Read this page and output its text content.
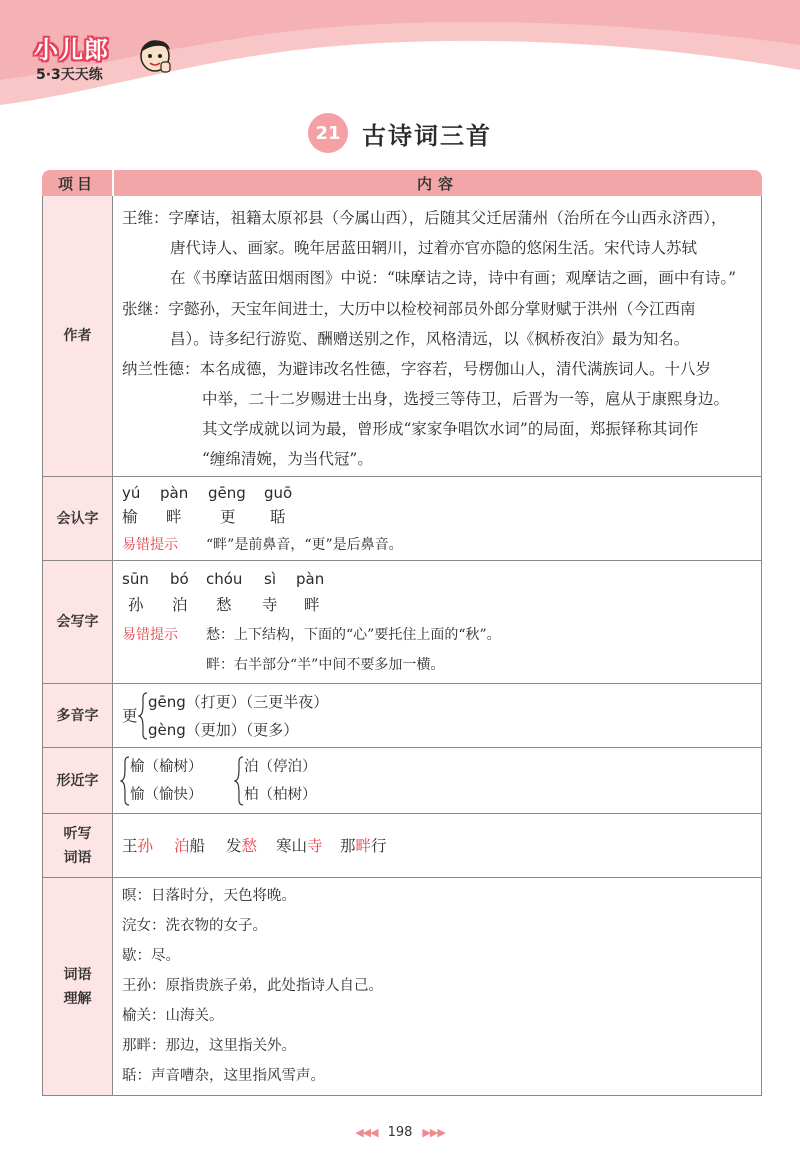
小儿郎
5·3天天练
21 古诗词三首
项目	内容
作者
王维：字摩诘，祖籍太原祁县（今属山西），后随其父迁居蒲州（治所在今山西永济西），
唐代诗人、画家。晚年居蓝田辋川，过着亦官亦隐的悠闲生活。宋代诗人苏轼
在《书摩诘蓝田烟雨图》中说：“味摩诘之诗，诗中有画；观摩诘之画，画中有诗。”
张继：字懿孙，天宝年间进士，大历中以检校祠部员外郎分掌财赋于洪州（今江西南
昌）。诗多纪行游览、酬赠送别之作，风格清远，以《枫桥夜泊》最为知名。
纳兰性德：本名成德，为避讳改名性德，字容若，号楞伽山人，清代满族词人。十八岁
中举，二十二岁赐进士出身，选授三等侍卫，后晋为一等，扈从于康熙身边。
其文学成就以词为最，曾形成“家家争唱饮水词”的局面，郑振铎称其词作
“缠绵清婉，为当代冠”。
会认字
yú pàn gēng guō
榆 畔 更 聒
易错提示 “畔”是前鼻音，“更”是后鼻音。
会写字
sūn bó chóu sì pàn
孙 泊 愁 寺 畔
易错提示 愁：上下结构，下面的“心”要托住上面的“秋”。
畔：右半部分“半”中间不要多加一横。
多音字	更
gēng（打更）（三更半夜）
gèng（更加）（更多）
形近字
榆（榆树）
愉（愉快）
泊（停泊）
柏（柏树）
听写
词语
王孙 泊船 发愁 寒山寺 那畔行
词语
理解
暝：日落时分，天色将晚。
浣女：洗衣物的女子。
歇：尽。
王孙：原指贵族子弟，此处指诗人自己。
榆关：山海关。
那畔：那边，这里指关外。
聒：声音嘈杂，这里指风雪声。
◀◀◀ 198 ▶▶▶
